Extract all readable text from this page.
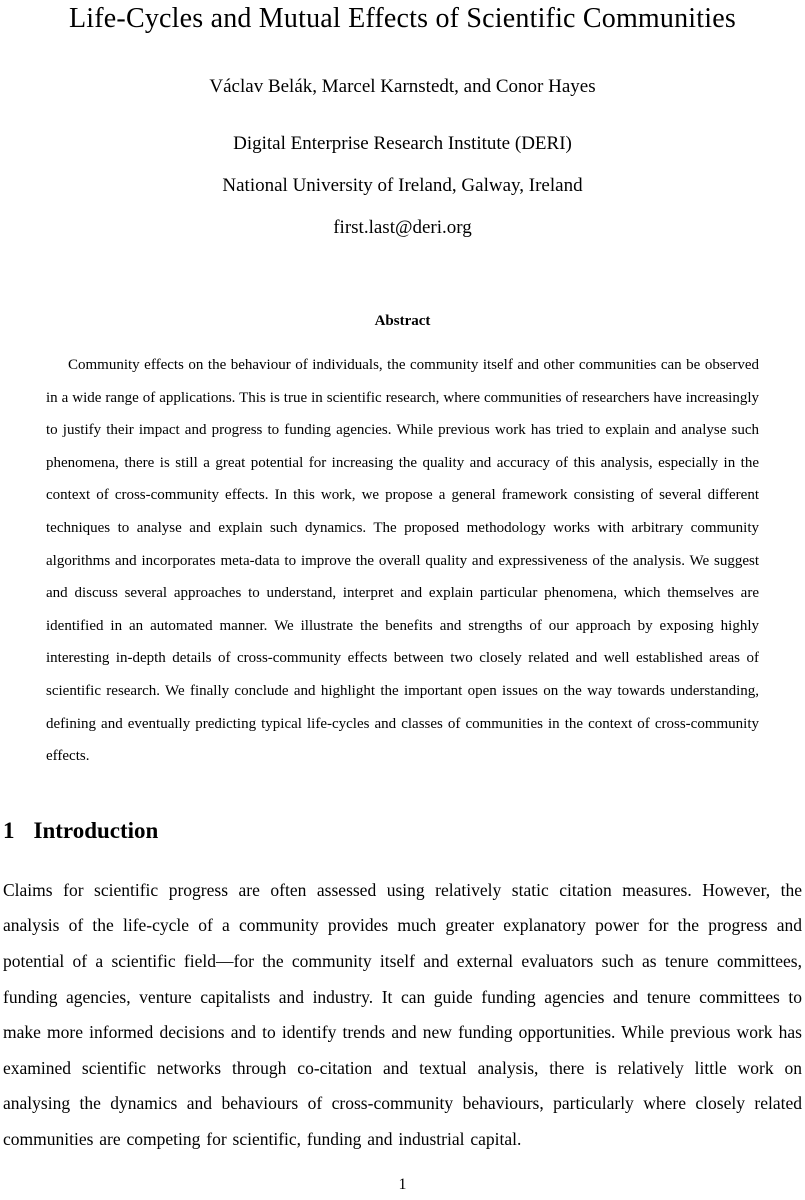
Life-Cycles and Mutual Effects of Scientific Communities

Václav Belák, Marcel Karnstedt, and Conor Hayes

Digital Enterprise Research Institute (DERI)

National University of Ireland, Galway, Ireland

first.last@deri.org

Abstract

Community effects on the behaviour of individuals, the community itself and other communities can be observed in a wide range of applications. This is true in scientific research, where communities of researchers have increasingly to justify their impact and progress to funding agencies. While previous work has tried to explain and analyse such phenomena, there is still a great potential for increasing the quality and accuracy of this analysis, especially in the context of cross-community effects. In this work, we propose a general framework consisting of several different techniques to analyse and explain such dynamics. The proposed methodology works with arbitrary community algorithms and incorporates meta-data to improve the overall quality and expressiveness of the analysis. We suggest and discuss several approaches to understand, interpret and explain particular phenomena, which themselves are identified in an automated manner. We illustrate the benefits and strengths of our approach by exposing highly interesting in-depth details of cross-community effects between two closely related and well established areas of scientific research. We finally conclude and highlight the important open issues on the way towards understanding, defining and eventually predicting typical life-cycles and classes of communities in the context of cross-community effects.

1 Introduction

Claims for scientific progress are often assessed using relatively static citation measures. However, the analysis of the life-cycle of a community provides much greater explanatory power for the progress and potential of a scientific field—for the community itself and external evaluators such as tenure committees, funding agencies, venture capitalists and industry. It can guide funding agencies and tenure committees to make more informed decisions and to identify trends and new funding opportunities. While previous work has examined scientific networks through co-citation and textual analysis, there is relatively little work on analysing the dynamics and behaviours of cross-community behaviours, particularly where closely related communities are competing for scientific, funding and industrial capital.

1
